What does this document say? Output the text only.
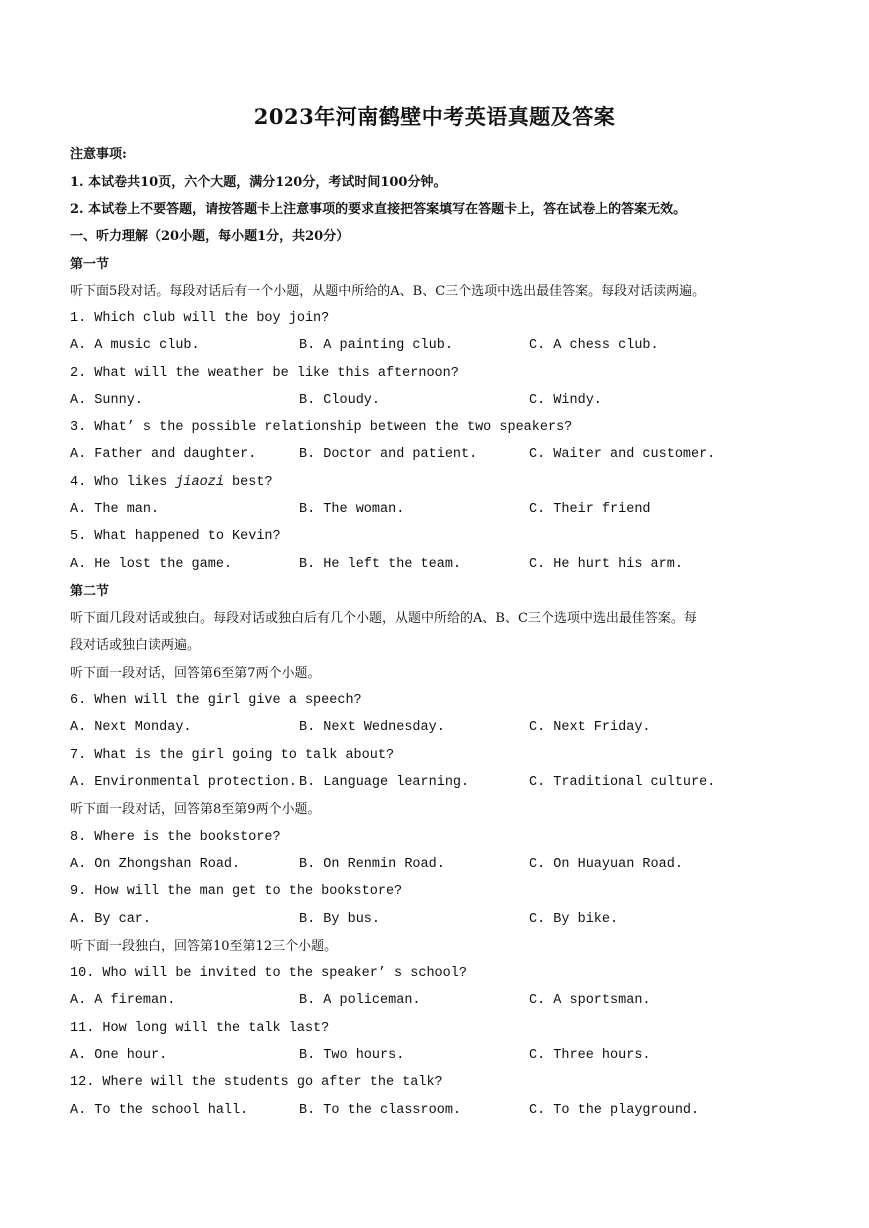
2023年河南鹤壁中考英语真题及答案
注意事项:
1. 本试卷共10页，六个大题，满分120分，考试时间100分钟。
2. 本试卷上不要答题，请按答题卡上注意事项的要求直接把答案填写在答题卡上，答在试卷上的答案无效。
一、听力理解（20小题，每小题1分，共20分）
第一节
听下面5段对话。每段对话后有一个小题，从题中所给的A、B、C三个选项中选出最佳答案。每段对话读两遍。
1. Which club will the boy join?
A. A music club.	B. A painting club.	C. A chess club.
2. What will the weather be like this afternoon?
A. Sunny.	B. Cloudy.	C. Windy.
3. What’ s the possible relationship between the two speakers?
A. Father and daughter.	B. Doctor and patient.	C. Waiter and customer.
4. Who likes jiaozi best?
A. The man.	B. The woman.	C. Their friend
5. What happened to Kevin?
A. He lost the game.	B. He left the team.	C. He hurt his arm.
第二节
听下面几段对话或独白。每段对话或独白后有几个小题，从题中所给的A、B、C三个选项中选出最佳答案。每
段对话或独白读两遍。
听下面一段对话，回答第6至第7两个小题。
6. When will the girl give a speech?
A. Next Monday.	B. Next Wednesday.	C. Next Friday.
7. What is the girl going to talk about?
A. Environmental protection. B. Language learning.	C. Traditional culture.
听下面一段对话，回答第8至第9两个小题。
8. Where is the bookstore?
A. On Zhongshan Road.	B. On Renmin Road.	C. On Huayuan Road.
9. How will the man get to the bookstore?
A. By car.	B. By bus.	C. By bike.
听下面一段独白，回答第10至第12三个小题。
10. Who will be invited to the speaker’ s school?
A. A fireman.	B. A policeman.	C. A sportsman.
11. How long will the talk last?
A. One hour.	B. Two hours.	C. Three hours.
12. Where will the students go after the talk?
A. To the school hall.	B. To the classroom.	C. To the playground.
